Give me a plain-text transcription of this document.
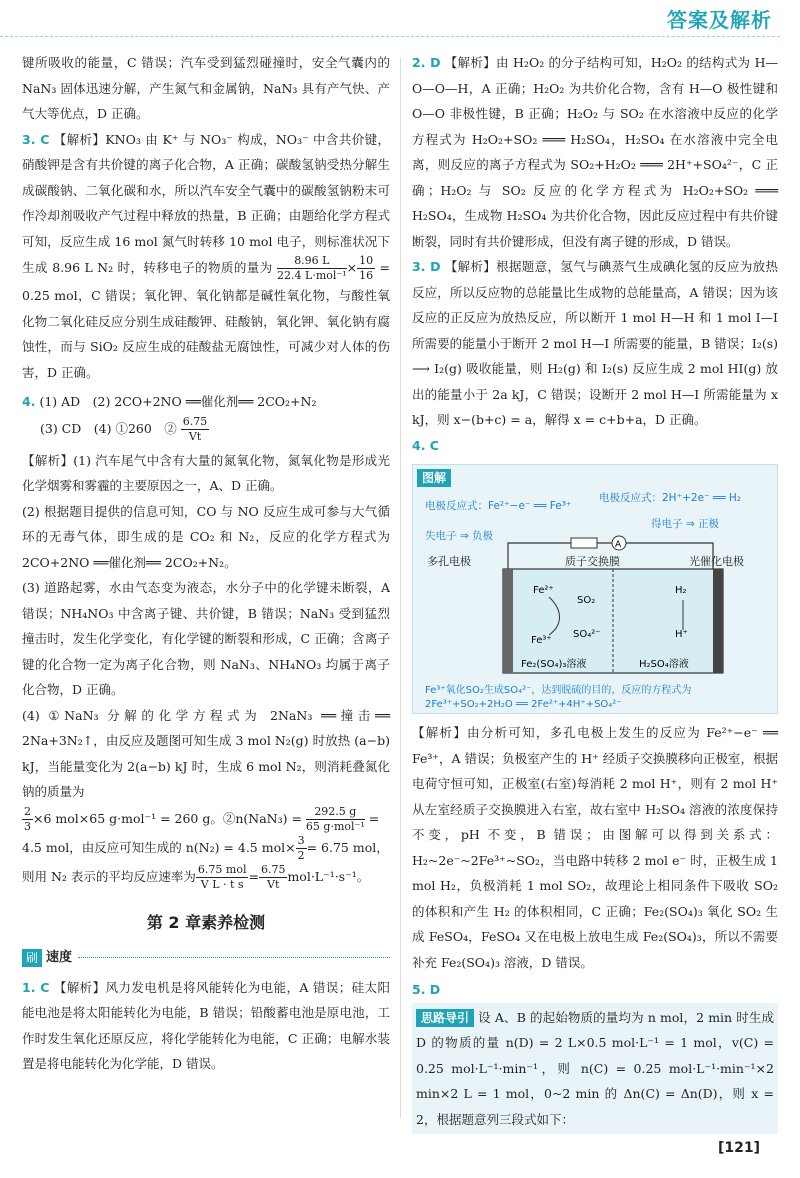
答案及解析

键所吸收的能量，C 错误；汽车受到猛烈碰撞时，安全气囊内的 NaN₃ 固体迅速分解，产生氮气和金属钠，NaN₃ 具有产气快、产气大等优点，D 正确。

3. C 【解析】KNO₃ 由 K⁺ 与 NO₃⁻ 构成，NO₃⁻ 中含共价键，硝酸钾是含有共价键的离子化合物，A 正确；碳酸氢钠受热分解生成碳酸钠、二氧化碳和水，所以汽车安全气囊中的碳酸氢钠粉末可作冷却剂吸收产气过程中释放的热量，B 正确；由题给化学方程式可知，反应生成 16 mol 氮气时转移 10 mol 电子，则标准状况下生成 8.96 L N₂ 时，转移电子的物质的量为 $\frac{8.96 L}{\text{22.4 L·mol⁻¹}} \times \frac{10}{16} = 0.25$ mol，C 错误；氧化钾、氧化钠都是碱性氧化物，与酸性氧化物二氧化硅反应分别生成硅酸钾、硅酸钠，氧化钾、氧化钠有腐蚀性，而与 SiO₂ 反应生成的硅酸盐无腐蚀性，可减少对人体的伤害，D 正确。

4. (1) AD　(2) 2CO+2NO ══催化剂══ 2CO₂+N₂

(3) CD　(4) ①260　② $\frac{6.75}{Vt}$

【解析】(1) 汽车尾气中含有大量的氮氧化物，氮氧化物是形成光化学烟雾和雾霾的主要原因之一，A、D 正确。

(2) 根据题目提供的信息可知，CO 与 NO 反应生成可参与大气循环的无毒气体，即生成的是 CO₂ 和 N₂，反应的化学方程式为 2CO+2NO ══催化剂══ 2CO₂+N₂。

(3) 道路起雾，水由气态变为液态，水分子中的化学键未断裂，A 错误；NH₄NO₃ 中含离子键、共价键，B 错误；NaN₃ 受到猛烈撞击时，发生化学变化，有化学键的断裂和形成，C 正确；含离子键的化合物一定为离子化合物，则 NaN₃、NH₄NO₃ 均属于离子化合物，D 正确。

(4) ①NaN₃ 分解的化学方程式为 2NaN₃ ══撞击══ 2Na+3N₂↑，由反应及题图可知生成 3 mol N₂(g) 时放热 (a−b) kJ，当能量变化为 2(a−b) kJ 时，生成 6 mol N₂，则消耗叠氮化钠的质量为

$\frac{2}{3} \times 6$ mol×65 g·mol⁻¹ = 260 g。②n(NaN₃) = $\frac{292.5 g}{\text{65 g·mol⁻¹}}$ =

4.5 mol，由反应可知生成的 n(N₂) = 4.5 $mol\times \frac{3}{2} = 6.75$ mol，

则用 N₂ 表示的平均反应速率为 $\frac{\text{6.75 mol}}{\text{V L · t s}} = \frac{6.75}{Vt} mol\cdot L^{-1}\cdot s^{-1}$。

第 2 章素养检测
刷 速度

1. C 【解析】风力发电机是将风能转化为电能，A 错误；硅太阳能电池是将太阳能转化为电能，B 错误；铅酸蓄电池是原电池，工作时发生氧化还原反应，将化学能转化为电能，C 正确；电解水装置是将电能转化为化学能，D 错误。

2. D 【解析】由 H₂O₂ 的分子结构可知，H₂O₂ 的结构式为 H—O—O—H，A 正确；H₂O₂ 为共价化合物，含有 H—O 极性键和 O—O 非极性键，B 正确；H₂O₂ 与 SO₂ 在水溶液中反应的化学方程式为 H₂O₂+SO₂ ═══ H₂SO₄，H₂SO₄ 在水溶液中完全电离，则反应的离子方程式为 SO₂+H₂O₂ ═══ 2H⁺+SO₄²⁻，C 正确；H₂O₂ 与 SO₂ 反应的化学方程式为 H₂O₂+SO₂ ═══ H₂SO₄，生成物 H₂SO₄ 为共价化合物，因此反应过程中有共价键断裂，同时有共价键形成，但没有离子键的形成，D 错误。

3. D 【解析】根据题意，氢气与碘蒸气生成碘化氢的反应为放热反应，所以反应物的总能量比生成物的总能量高，A 错误；因为该反应的正反应为放热反应，所以断开 1 mol H—H 和 1 mol I—I 所需要的能量小于断开 2 mol H—I 所需要的能量，B 错误；I₂(s) ⟶ I₂(g) 吸收能量，则 H₂(g) 和 I₂(s) 反应生成 2 mol HI(g) 放出的能量小于 2a kJ，C 错误；设断开 2 mol H—I 所需能量为 x kJ，则 x−(b+c) = a，解得 x = c+b+a，D 正确。

4. C

图解
电极反应式：Fe²⁺−e⁻ ══ Fe³⁺
电极反应式：2H⁺+2e⁻ ══ H₂
失电子 ⇒ 负极
得电子 ⇒ 正极
A
多孔电极	质子交换膜	光催化电极
Fe²⁺
Fe³⁺
SO₂
SO₄²⁻
H₂
H⁺
Fe₂(SO₄)₃溶液	H₂SO₄溶液
Fe³⁺氧化SO₂生成SO₄²⁻，达到脱硫的目的，反应的方程式为
2Fe³⁺+SO₂+2H₂O ══ 2Fe²⁺+4H⁺+SO₄²⁻

【解析】由分析可知，多孔电极上发生的反应为 Fe²⁺−e⁻ ══ Fe³⁺，A 错误；负极室产生的 H⁺ 经质子交换膜移向正极室，根据电荷守恒可知，正极室(右室)每消耗 2 mol H⁺，则有 2 mol H⁺ 从左室经质子交换膜进入右室，故右室中 H₂SO₄ 溶液的浓度保持不变，pH 不变，B 错误；由图解可以得到关系式：H₂~2e⁻~2Fe³⁺~SO₂，当电路中转移 2 mol e⁻ 时，正极生成 1 mol H₂，负极消耗 1 mol SO₂，故理论上相同条件下吸收 SO₂ 的体积和产生 H₂ 的体积相同，C 正确；Fe₂(SO₄)₃ 氧化 SO₂ 生成 FeSO₄，FeSO₄ 又在电极上放电生成 Fe₂(SO₄)₃，所以不需要补充 Fe₂(SO₄)₃ 溶液，D 错误。

5. D

思路导引 设 A、B 的起始物质的量均为 n mol，2 min 时生成 D 的物质的量 n(D) = 2 L×0.5 mol·L⁻¹ = 1 mol，v(C) = 0.25 mol·L⁻¹·min⁻¹，则 n(C) = 0.25 mol·L⁻¹·min⁻¹×2 min×2 L = 1 mol，0~2 min 的 Δn(C) = Δn(D)，则 x = 2，根据题意列三段式如下：

[121]
